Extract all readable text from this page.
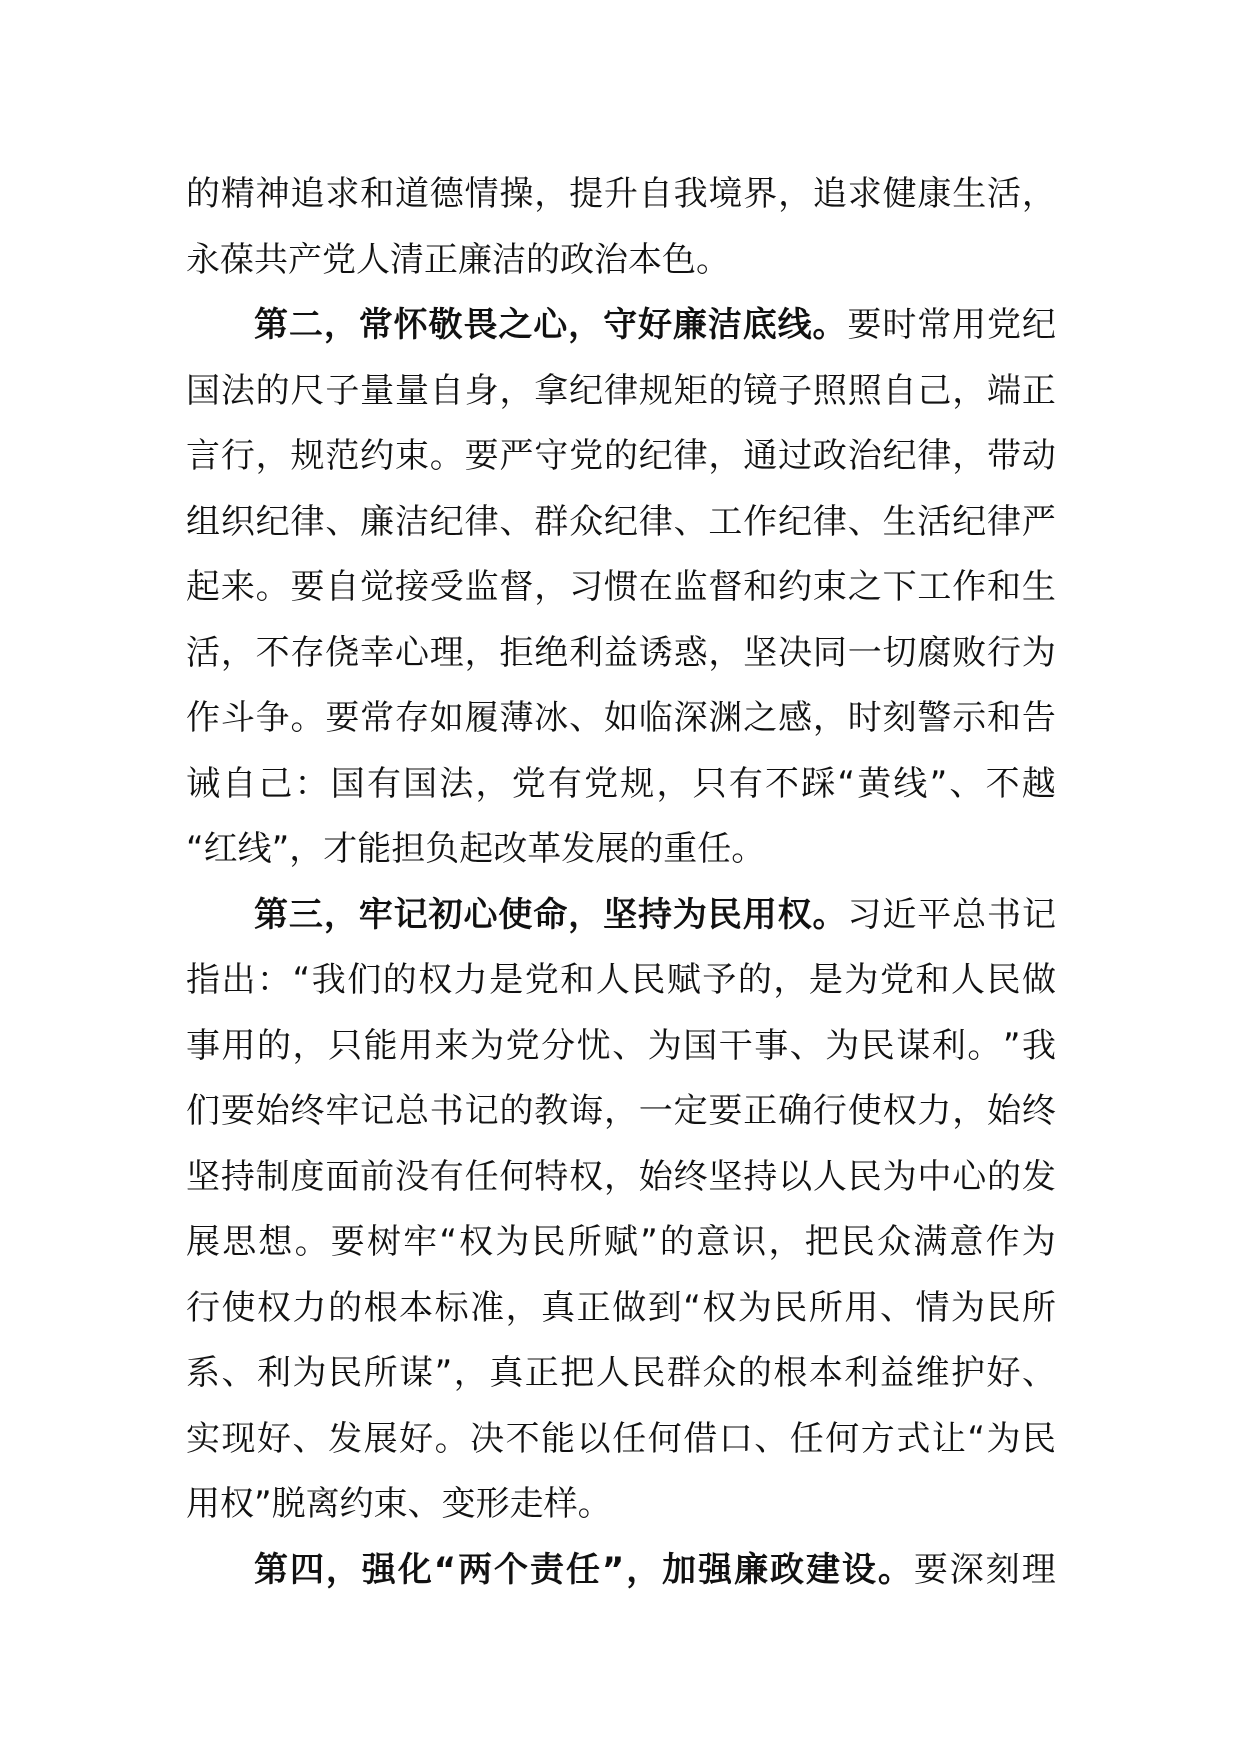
的 精 神 追 求 和 道 德 情 操 ， 提 升 自 我 境 界 ， 追 求 健 康 生 活 ，
永葆共产党人清正廉洁的政治本色。
第 二 ， 常 怀 敬 畏 之 心 ， 守 好 廉 洁 底 线 。 要 时 常 用 党 纪
国 法 的 尺 子 量 量 自 身 ， 拿 纪 律 规 矩 的 镜 子 照 照 自 己 ， 端 正
言 行 ， 规 范 约 束 。 要 严 守 党 的 纪 律 ， 通 过 政 治 纪 律 ， 带 动
组 织 纪 律 、 廉 洁 纪 律 、 群 众 纪 律 、 工 作 纪 律 、 生 活 纪 律 严
起 来 。 要 自 觉 接 受 监 督 ， 习 惯 在 监 督 和 约 束 之 下 工 作 和 生
活 ， 不 存 侥 幸 心 理 ， 拒 绝 利 益 诱 惑 ， 坚 决 同 一 切 腐 败 行 为
作 斗 争 。 要 常 存 如 履 薄 冰 、 如 临 深 渊 之 感 ， 时 刻 警 示 和 告
诫 自 己 ： 国 有 国 法 ， 党 有 党 规 ， 只 有 不 踩 “ 黄 线 ” 、 不 越
“红线”，才能担负起改革发展的重任。
第 三 ， 牢 记 初 心 使 命 ， 坚 持 为 民 用 权 。 习 近 平 总 书 记
指 出 ： “ 我 们 的 权 力 是 党 和 人 民 赋 予 的 ， 是 为 党 和 人 民 做
事 用 的 ， 只 能 用 来 为 党 分 忧 、 为 国 干 事 、 为 民 谋 利 。 ” 我
们 要 始 终 牢 记 总 书 记 的 教 诲 ， 一 定 要 正 确 行 使 权 力 ， 始 终
坚 持 制 度 面 前 没 有 任 何 特 权 ， 始 终 坚 持 以 人 民 为 中 心 的 发
展 思 想 。 要 树 牢 “ 权 为 民 所 赋 ” 的 意 识 ， 把 民 众 满 意 作 为
行 使 权 力 的 根 本 标 准 ， 真 正 做 到 “ 权 为 民 所 用 、 情 为 民 所
系 、 利 为 民 所 谋 ” ， 真 正 把 人 民 群 众 的 根 本 利 益 维 护 好 、
实 现 好 、 发 展 好 。 决 不 能 以 任 何 借 口 、 任 何 方 式 让 “ 为 民
用权”脱离约束、变形走样。
第 四 ， 强 化 “ 两 个 责 任 ” ， 加 强 廉 政 建 设 。 要 深 刻 理
